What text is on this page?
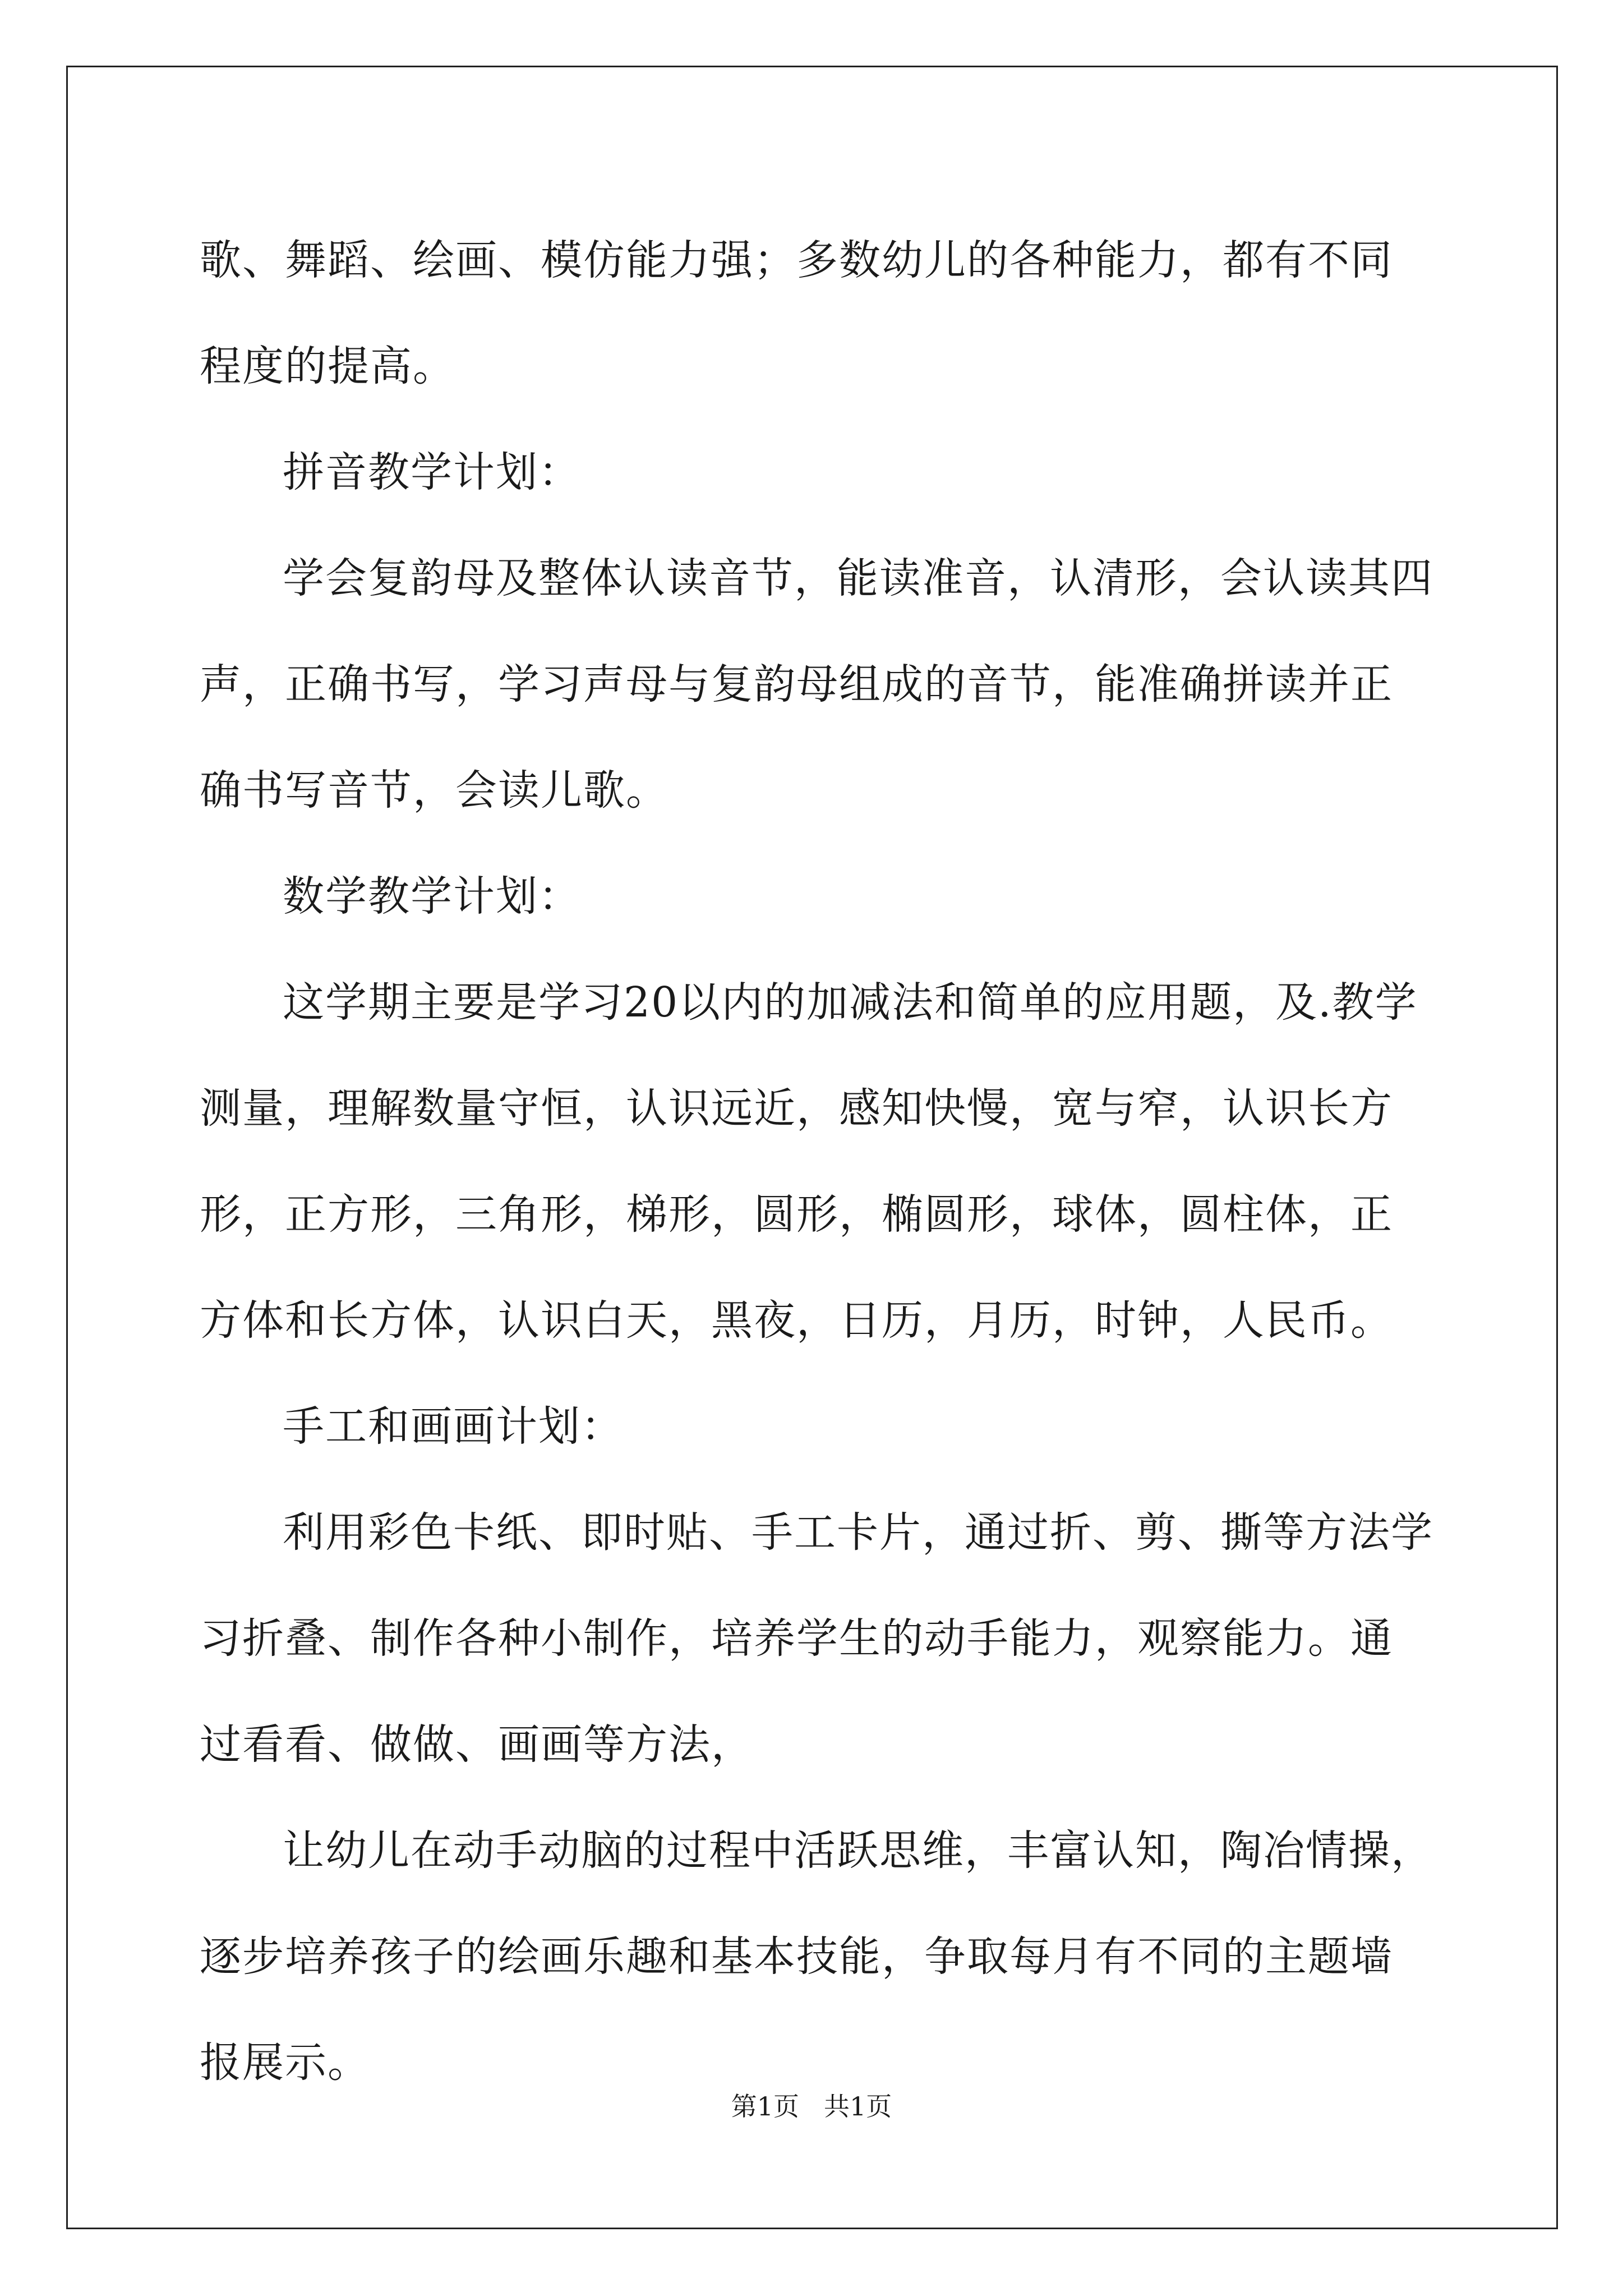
歌、舞蹈、绘画、模仿能力强；多数幼儿的各种能力，都有不同程度的提高。

拼音教学计划：

学会复韵母及整体认读音节，能读准音，认清形，会认读其四声，正确书写，学习声母与复韵母组成的音节，能准确拼读并正确书写音节，会读儿歌。

数学教学计划：

这学期主要是学习20以内的加减法和简单的应用题，及.教学测量，理解数量守恒，认识远近，感知快慢，宽与窄，认识长方形，正方形，三角形，梯形，圆形，椭圆形，球体，圆柱体，正方体和长方体，认识白天，黑夜，日历，月历，时钟，人民币。

手工和画画计划：

利用彩色卡纸、即时贴、手工卡片，通过折、剪、撕等方法学习折叠、制作各种小制作，培养学生的动手能力，观察能力。通过看看、做做、画画等方法，

让幼儿在动手动脑的过程中活跃思维，丰富认知，陶冶情操，逐步培养孩子的绘画乐趣和基本技能，争取每月有不同的主题墙报展示。

第1页 共1页
